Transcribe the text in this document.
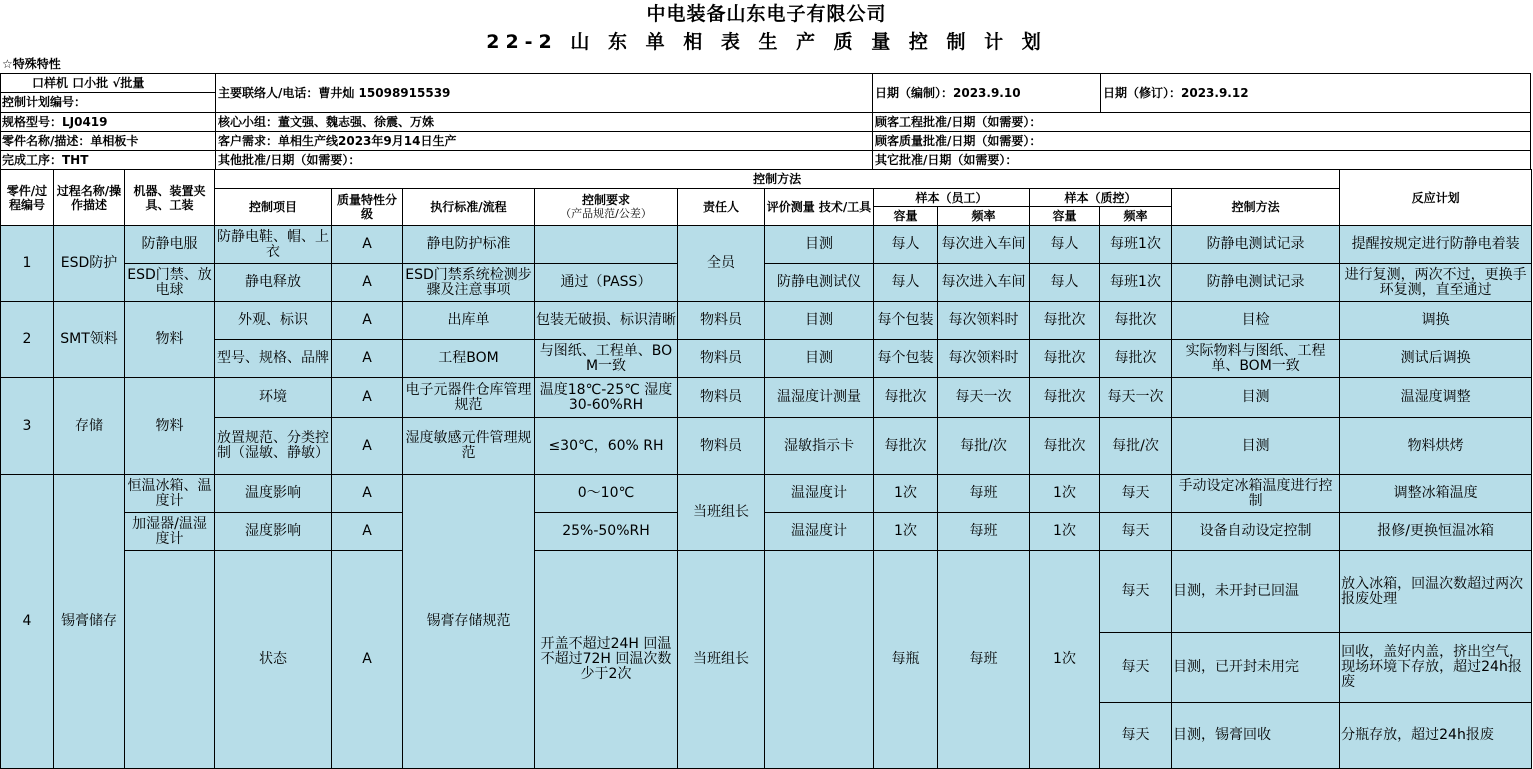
中电装备山东电子有限公司
22-2 山 东 单 相 表 生 产 质 量 控 制 计 划
☆特殊特性
口样机 口小批 √批量
控制计划编号：
主要联络人/电话：曹井灿 15098915539	日期（编制）：2023.9.10	日期（修订）：2023.9.12
规格型号：LJ0419	核心小组：董文强、魏志强、徐震、万姝	顾客工程批准/日期（如需要）：
零件名称/描述：单相板卡	客户需求：单相生产线2023年9月14日生产	顾客质量批准/日期（如需要）：
完成工序：THT	其他批准/日期（如需要）：	其它批准/日期（如需要）：
零件/过程编号	过程名称/操作描述	机器、装置夹具、工装	控制方法											反应计划
			控制项目	质量特性分级	执行标准/流程	控制要求
（产品规范/公差）	责任人	评价测量 技术/工具	样本（员工）		样本（质控）		控制方法	
									容量	频率	容量	频率		
1	ESD防护	防静电服	防静电鞋、帽、上衣	A	静电防护标准		全员	目测	每人	每次进入车间	每人	每班1次	防静电测试记录	提醒按规定进行防静电着装
		ESD门禁、放电球	静电释放	A	ESD门禁系统检测步骤及注意事项	通过（PASS）		防静电测试仪	每人	每次进入车间	每人	每班1次	防静电测试记录	进行复测，两次不过，更换手环复测，直至通过
2	SMT领料	物料	外观、标识	A	出库单	包装无破损、标识清晰	物料员	目测	每个包装	每次领料时	每批次	每批次	目检	调换
			型号、规格、品牌	A	工程BOM	与图纸、工程单、BOM一致	物料员	目测	每个包装	每次领料时	每批次	每批次	实际物料与图纸、工程单、BOM一致	测试后调换
3	存储	物料	环境	A	电子元器件仓库管理规范	温度18℃-25℃ 湿度30-60%RH	物料员	温湿度计测量	每批次	每天一次	每批次	每天一次	目测	温湿度调整
			放置规范、分类控制（湿敏、静敏）	A	湿度敏感元件管理规范	≤30℃，60% RH	物料员	湿敏指示卡	每批次	每批/次	每批次	每批/次	目测	物料烘烤
4	锡膏储存	恒温冰箱、温度计	温度影响	A	锡膏存储规范	0～10℃	当班组长	温湿度计	1次	每班	1次	每天	手动设定冰箱温度进行控制	调整冰箱温度
		加湿器/温湿度计	湿度影响	A		25%-50%RH		温湿度计	1次	每班	1次	每天	设备自动设定控制	报修/更换恒温冰箱
			状态	A		开盖不超过24H 回温不超过72H 回温次数少于2次	当班组长		每瓶	每班	1次	每天	目测，未开封已回温	放入冰箱，回温次数超过两次报废处理
												每天	目测，已开封未用完	回收，盖好内盖，挤出空气，现场环境下存放，超过24h报废
												每天	目测，锡膏回收	分瓶存放，超过24h报废
